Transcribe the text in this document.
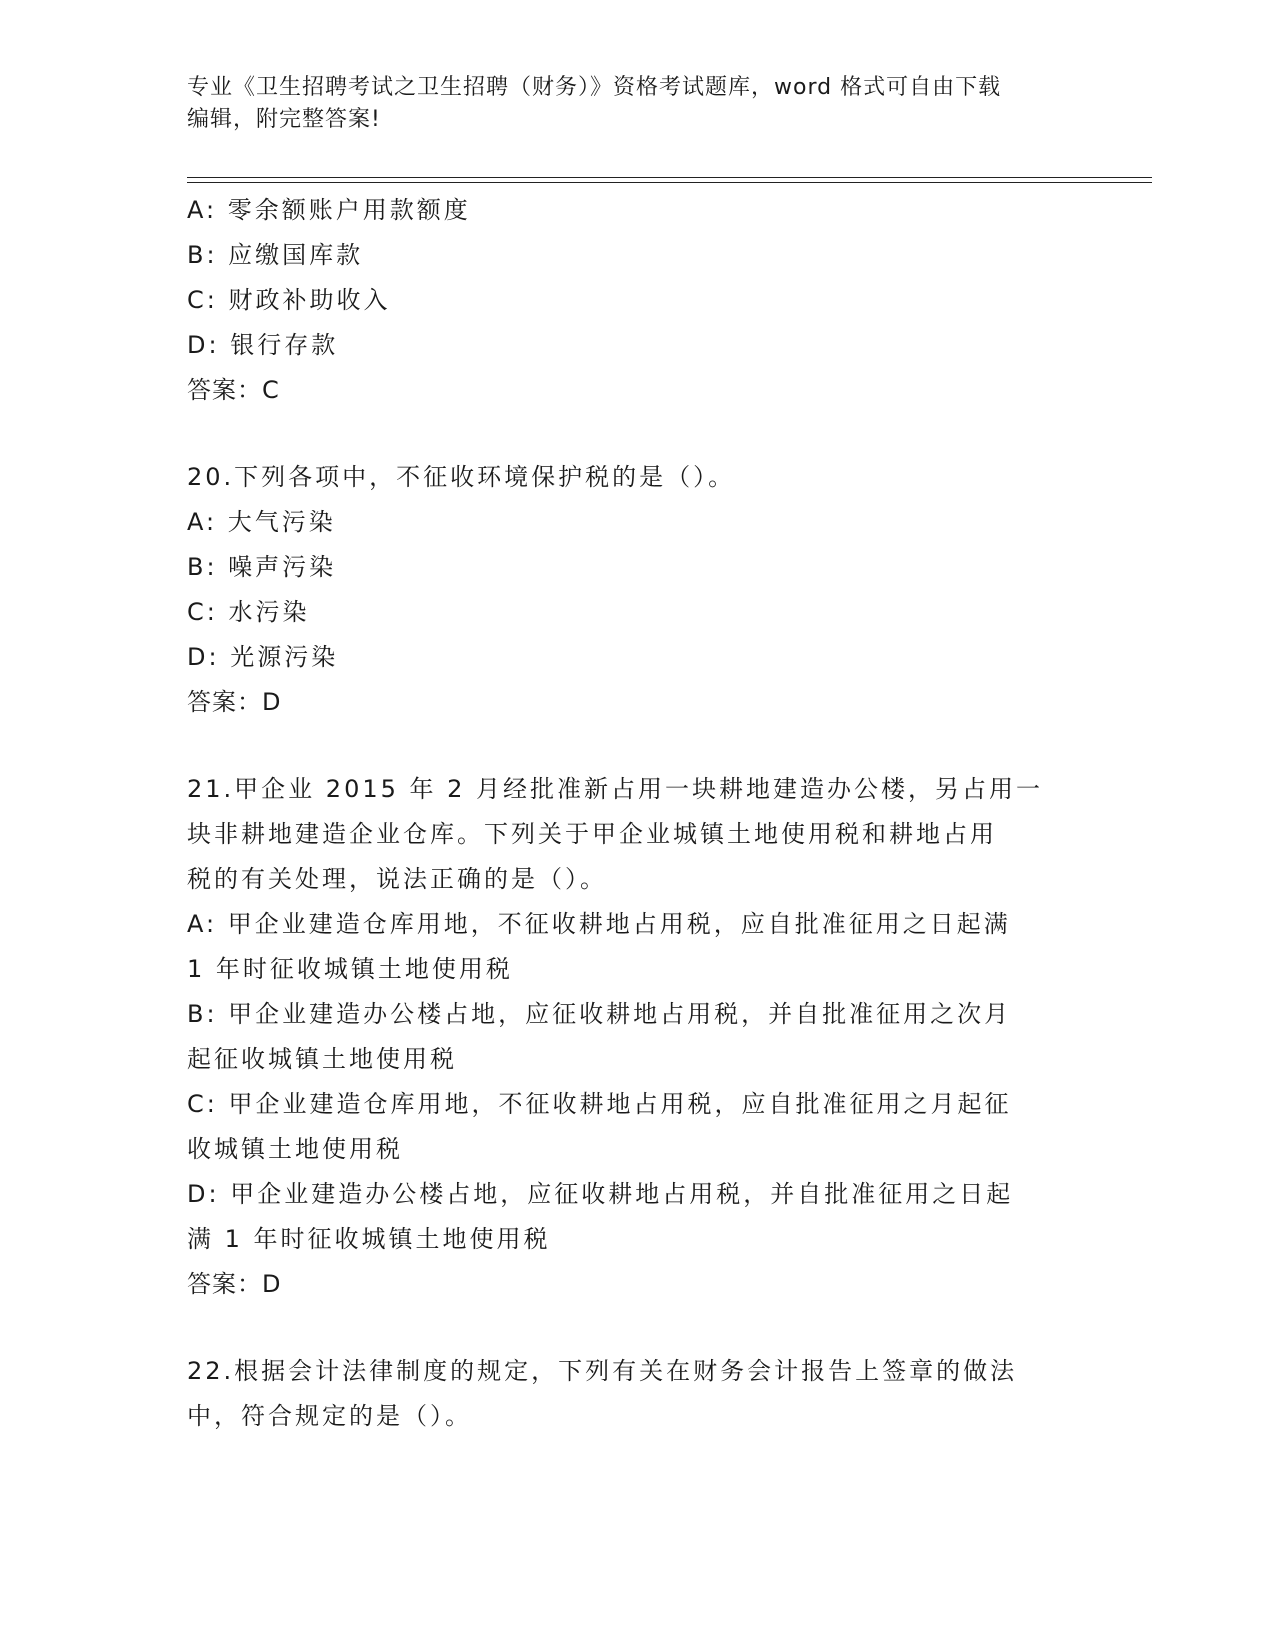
专业《卫生招聘考试之卫生招聘（财务）》资格考试题库，word 格式可自由下载
编辑，附完整答案!
A: 零余额账户用款额度
B: 应缴国库款
C: 财政补助收入
D: 银行存款
答案：C
20.下列各项中，不征收环境保护税的是（）。
A: 大气污染
B: 噪声污染
C: 水污染
D: 光源污染
答案：D
21.甲企业 2015 年 2 月经批准新占用一块耕地建造办公楼，另占用一
块非耕地建造企业仓库。下列关于甲企业城镇土地使用税和耕地占用
税的有关处理，说法正确的是（）。
A: 甲企业建造仓库用地，不征收耕地占用税，应自批准征用之日起满
1 年时征收城镇土地使用税
B: 甲企业建造办公楼占地，应征收耕地占用税，并自批准征用之次月
起征收城镇土地使用税
C: 甲企业建造仓库用地，不征收耕地占用税，应自批准征用之月起征
收城镇土地使用税
D: 甲企业建造办公楼占地，应征收耕地占用税，并自批准征用之日起
满 1 年时征收城镇土地使用税
答案：D
22.根据会计法律制度的规定，下列有关在财务会计报告上签章的做法
中，符合规定的是（）。
